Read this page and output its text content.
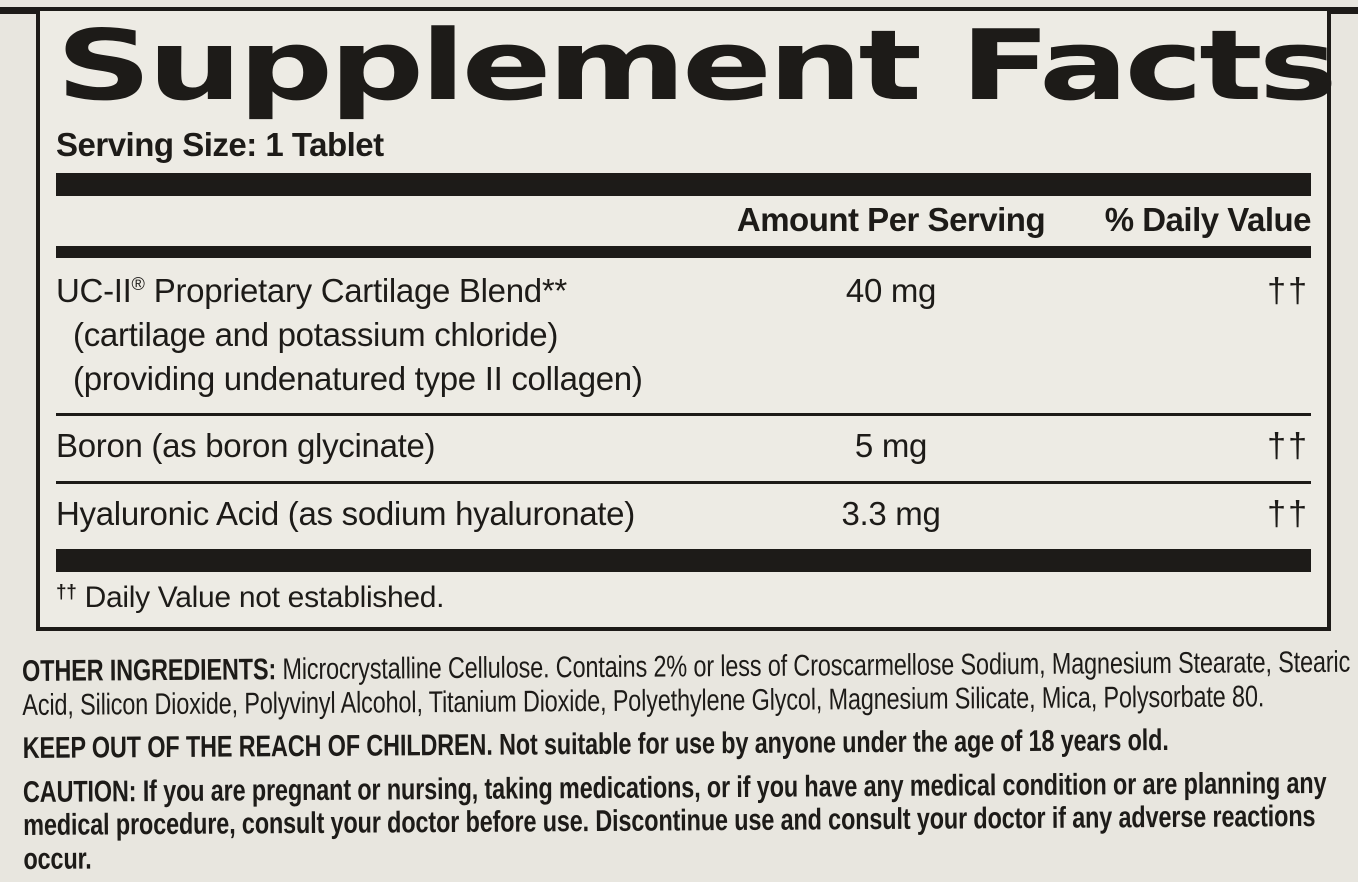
Supplement Facts
Serving Size: 1 Tablet
Amount Per Serving	% Daily Value
UC-II® Proprietary Cartilage Blend**
(cartilage and potassium chloride)
(providing undenatured type II collagen)
40 mg	††
Boron (as boron glycinate)	5 mg	††
Hyaluronic Acid (as sodium hyaluronate)	3.3 mg	††
†† Daily Value not established.

OTHER INGREDIENTS: Microcrystalline Cellulose. Contains 2% or less of Croscarmellose Sodium, Magnesium Stearate, Stearic Acid, Silicon Dioxide, Polyvinyl Alcohol, Titanium Dioxide, Polyethylene Glycol, Magnesium Silicate, Mica, Polysorbate 80.

KEEP OUT OF THE REACH OF CHILDREN. Not suitable for use by anyone under the age of 18 years old.

CAUTION: If you are pregnant or nursing, taking medications, or if you have any medical condition or are planning any medical procedure, consult your doctor before use. Discontinue use and consult your doctor if any adverse reactions occur.
